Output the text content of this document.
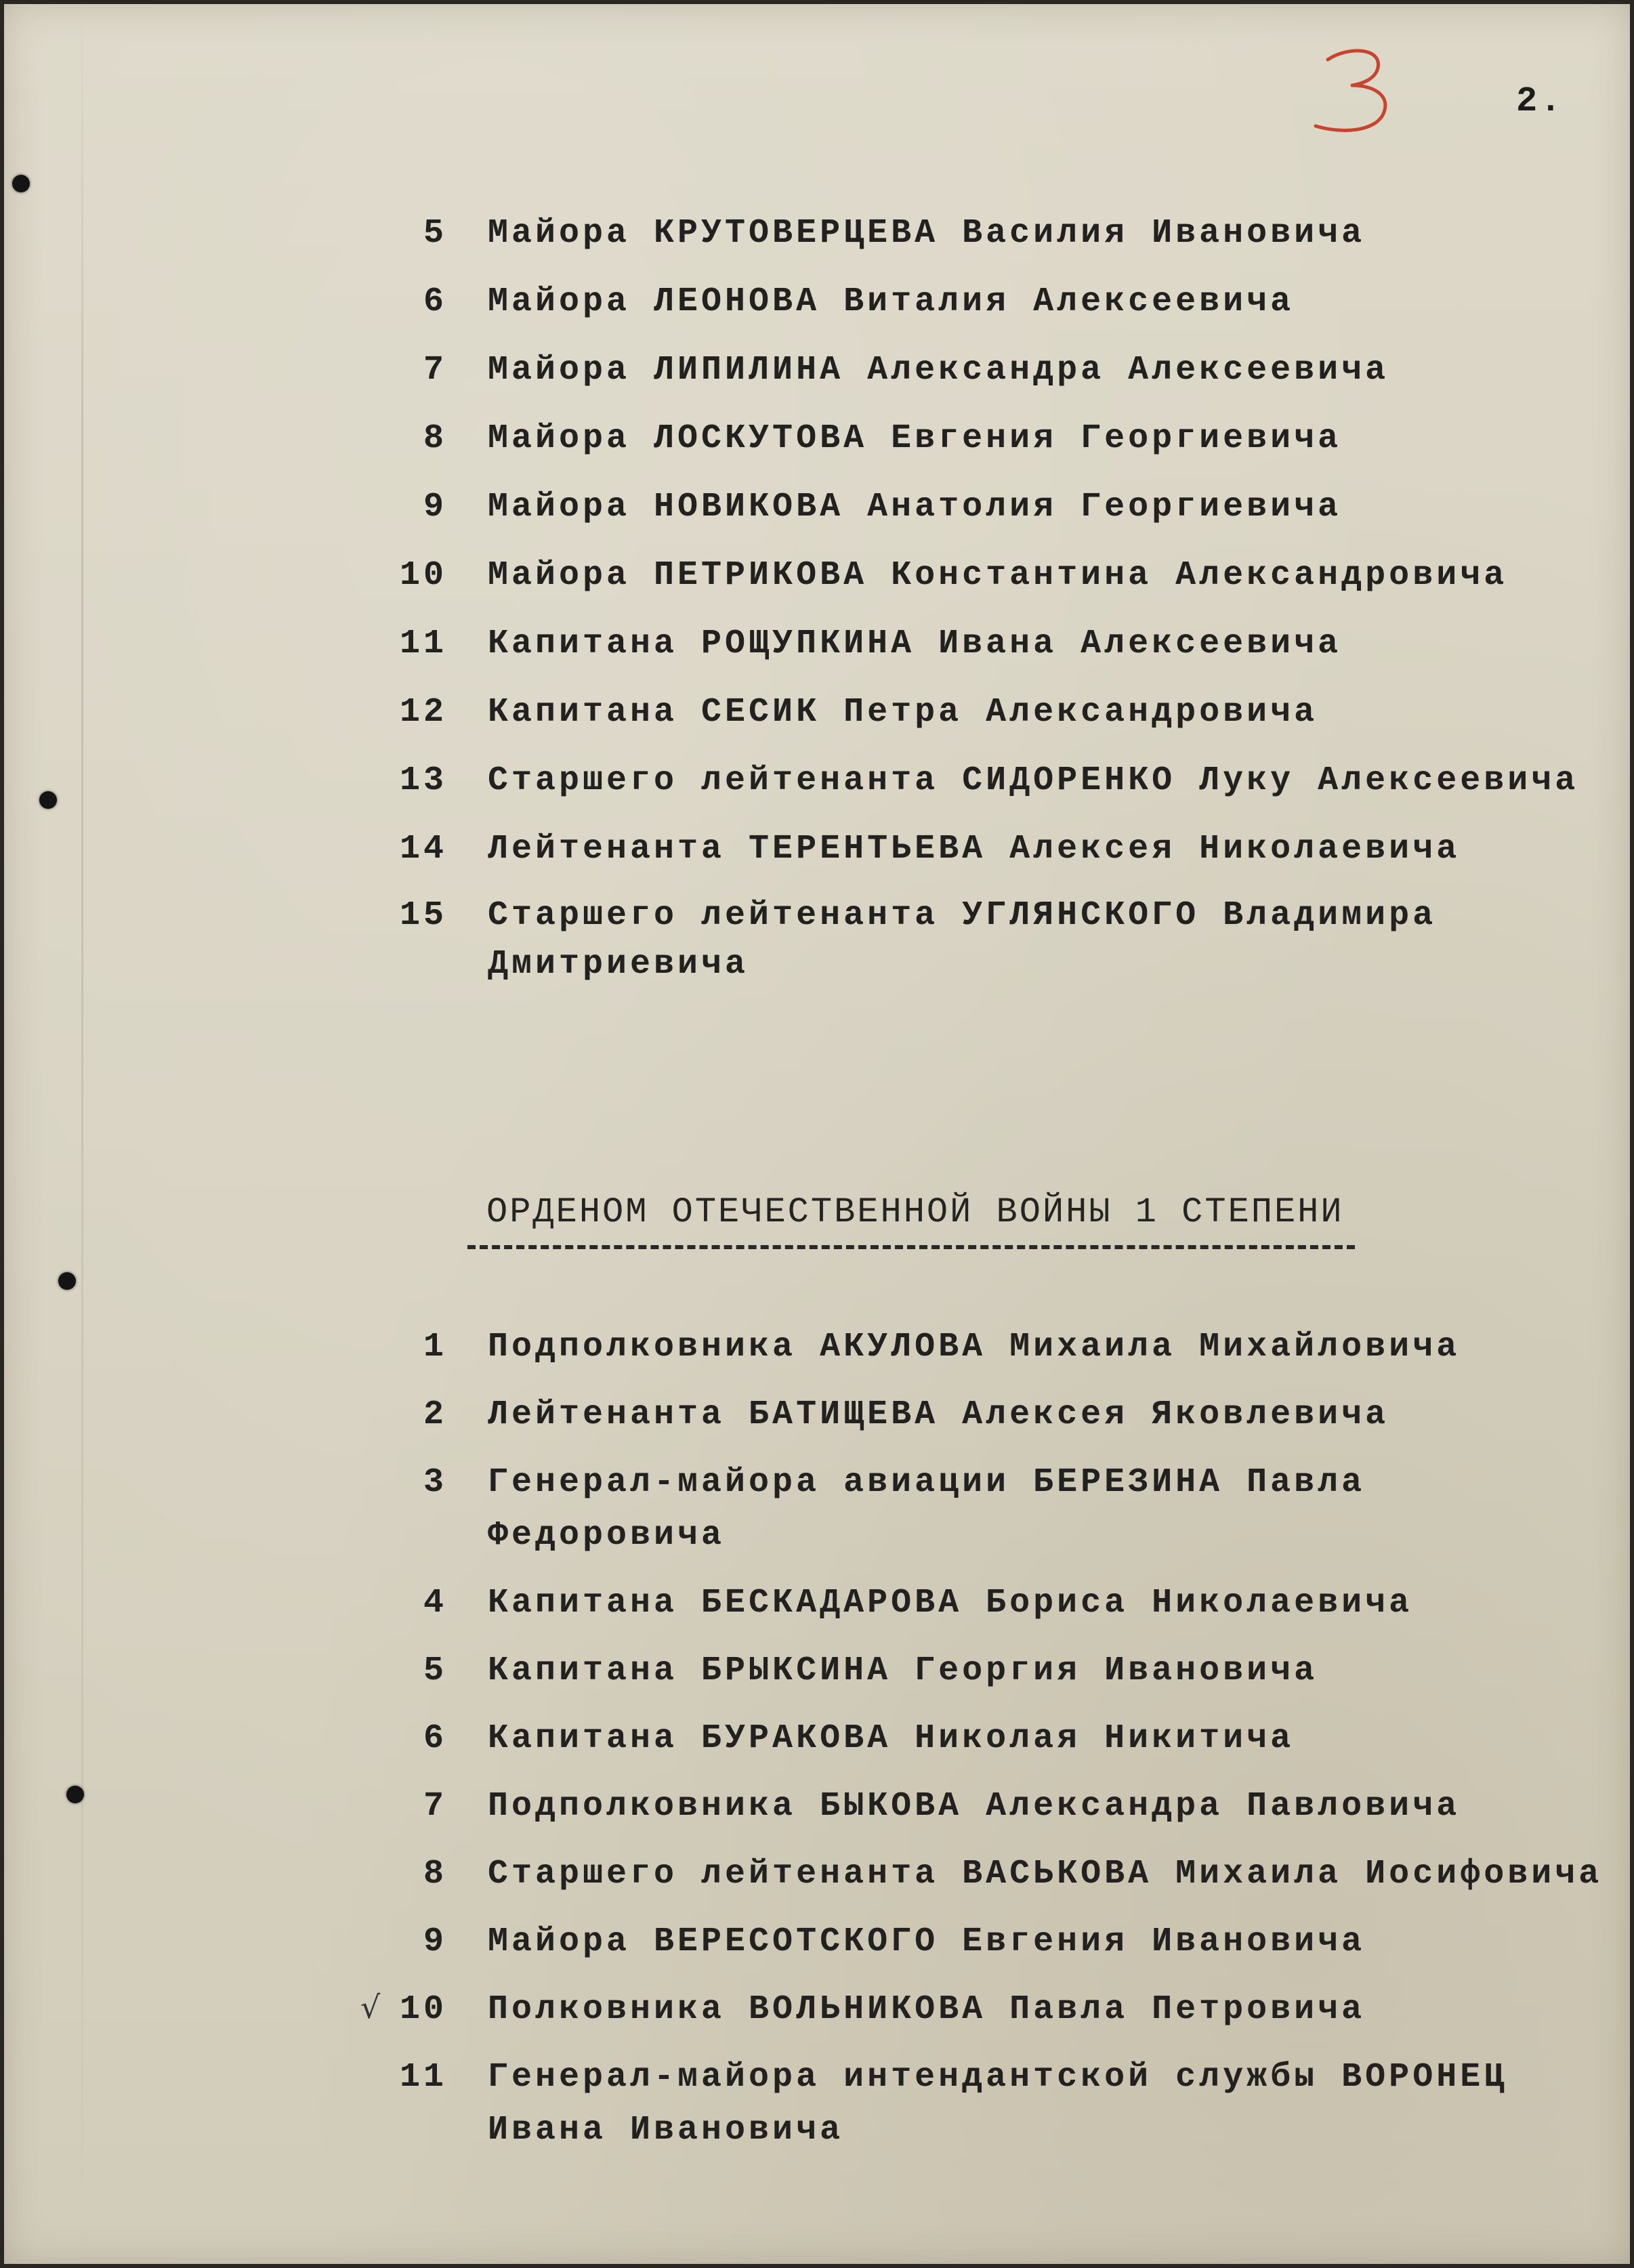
2.
5 Майора КРУТОВЕРЦЕВА Василия Ивановича
6 Майора ЛЕОНОВА Виталия Алексеевича
7 Майора ЛИПИЛИНА Александра Алексеевича
8 Майора ЛОСКУТОВА Евгения Георгиевича
9 Майора НОВИКОВА Анатолия Георгиевича
10 Майора ПЕТРИКОВА Константина Александровича
11 Капитана РОЩУПКИНА Ивана Алексеевича
12 Капитана СЕСИК Петра Александровича
13 Старшего лейтенанта СИДОРЕНКО Луку Алексеевича
14 Лейтенанта ТЕРЕНТЬЕВА Алексея Николаевича
15 Старшего лейтенанта УГЛЯНСКОГО Владимира Дмитриевича
ОРДЕНОМ ОТЕЧЕСТВЕННОЙ ВОЙНЫ 1 СТЕПЕНИ
1 Подполковника АКУЛОВА Михаила Михайловича
2 Лейтенанта БАТИЩЕВА Алексея Яковлевича
3 Генерал-майора авиации БЕРЕЗИНА Павла Федоровича
4 Капитана БЕСКАДАРОВА Бориса Николаевича
5 Капитана БРЫКСИНА Георгия Ивановича
6 Капитана БУРАКОВА Николая Никитича
7 Подполковника БЫКОВА Александра Павловича
8 Старшего лейтенанта ВАСЬКОВА Михаила Иосифовича
9 Майора ВЕРЕСОТСКОГО Евгения Ивановича
√ 10 Полковника ВОЛЬНИКОВА Павла Петровича
11 Генерал-майора интендантской службы ВОРОНЕЦ Ивана Ивановича
